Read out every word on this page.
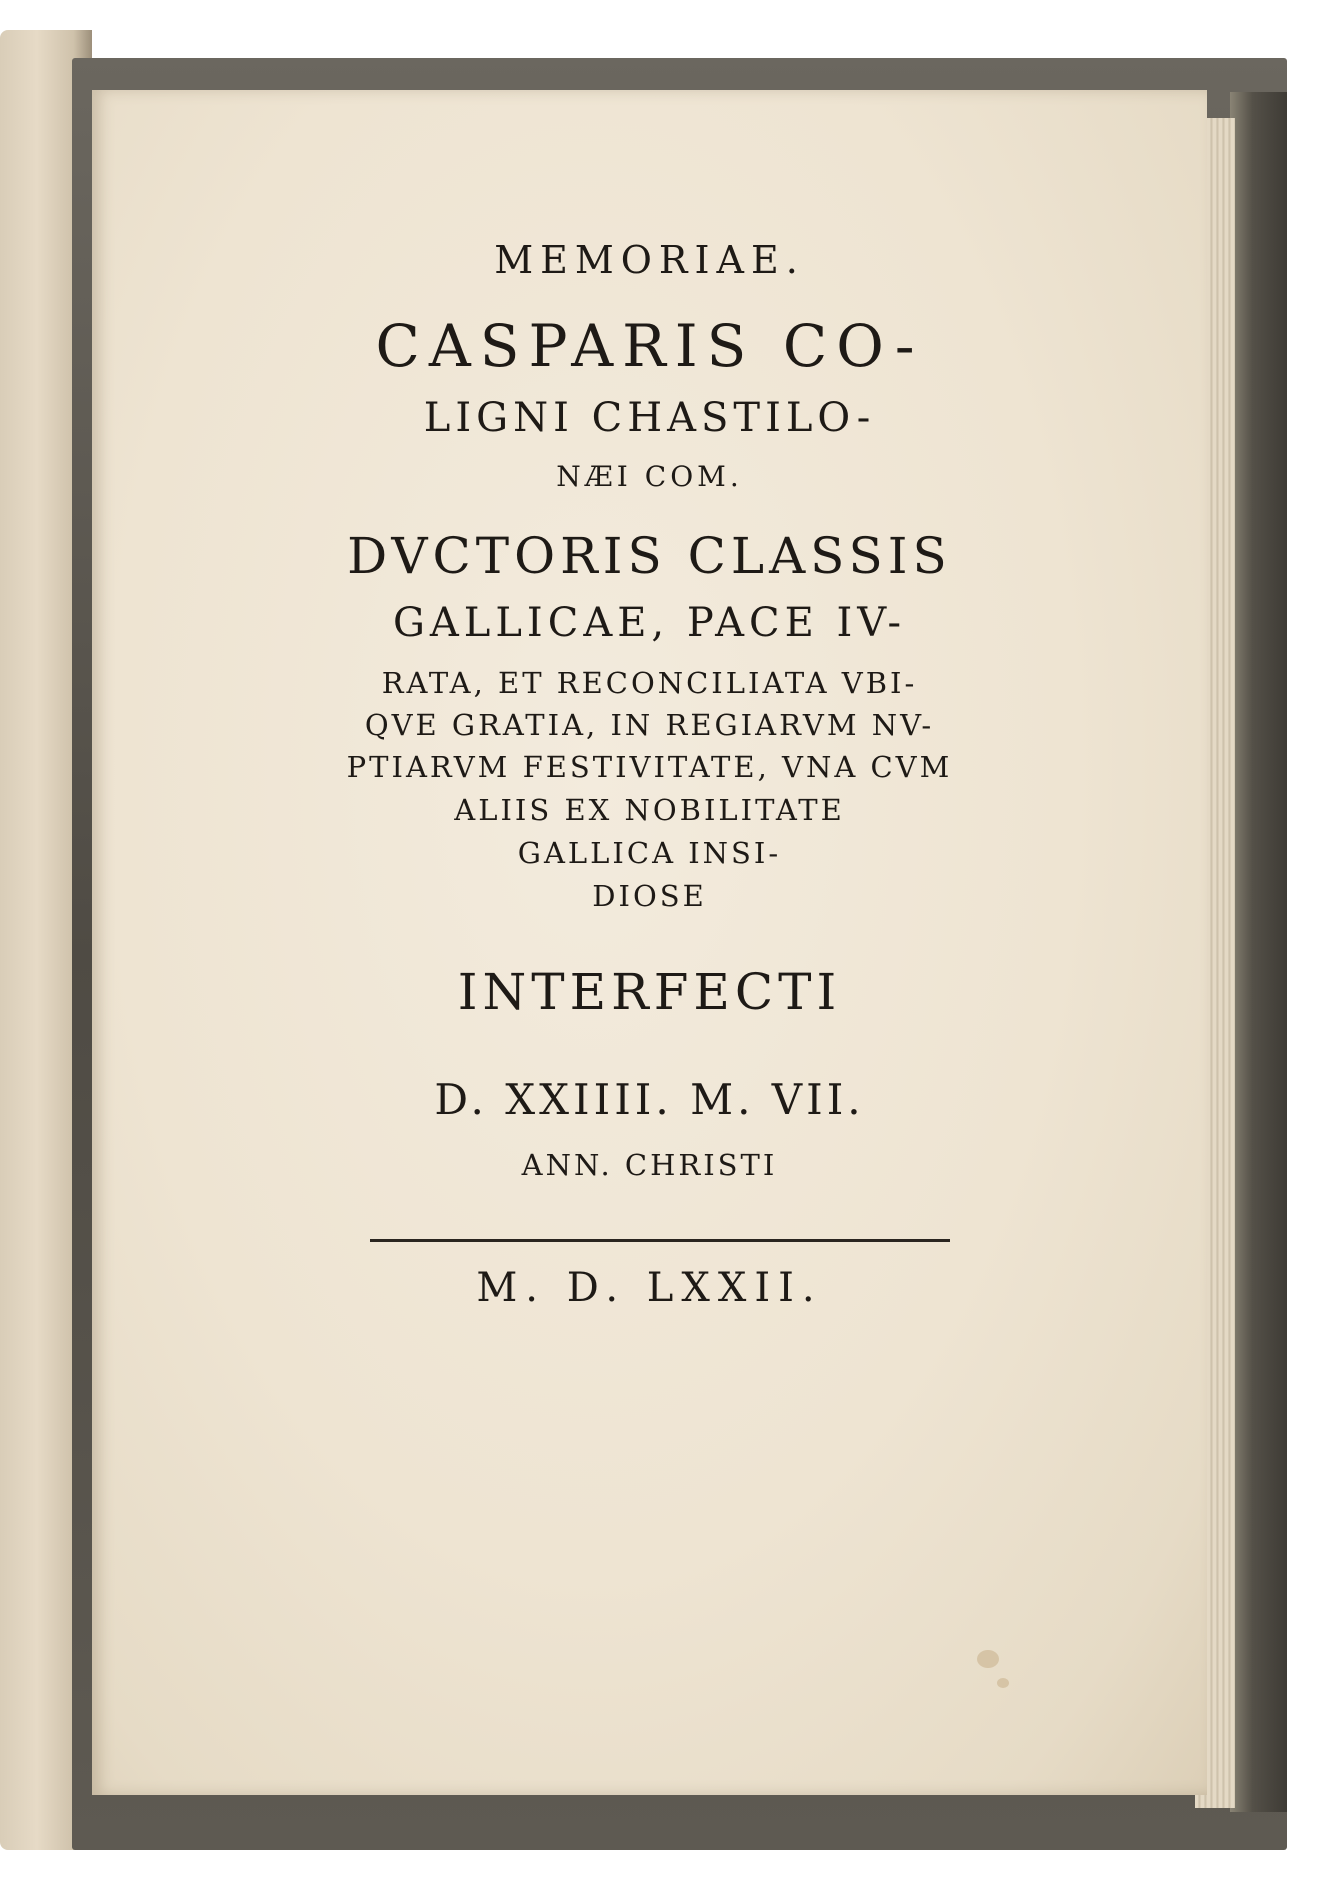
MEMORIAE.
CASPARIS CO-
LIGNI CHASTILO-
NÆI COM.
DVCTORIS CLASSIS
GALLICAE, PACE IV-
RATA, ET RECONCILIATA VBI-
QVE GRATIA, IN REGIARVM NV-
PTIARVM FESTIVITATE, VNA CVM
ALIIS EX NOBILITATE
GALLICA INSI-
DIOSE
INTERFECTI
D. XXIIII. M. VII.
ANN. CHRISTI
M. D. LXXII.
